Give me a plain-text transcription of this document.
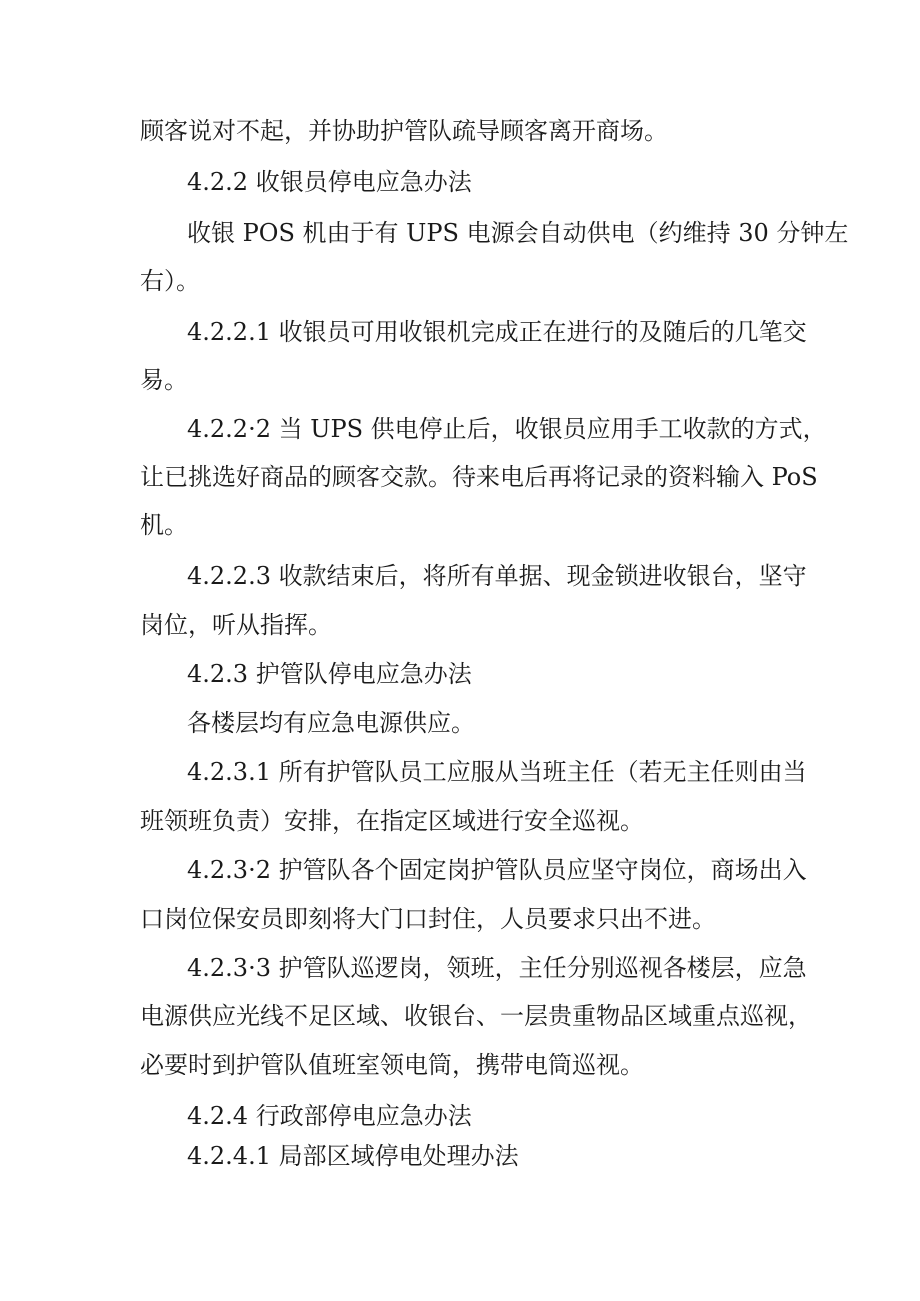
顾客说对不起，并协助护管队疏导顾客离开商场。
4.2.2 收银员停电应急办法
收银 POS 机由于有 UPS 电源会自动供电（约维持 30 分钟左
右）。
4.2.2.1 收银员可用收银机完成正在进行的及随后的几笔交
易。
4.2.2·2 当 UPS 供电停止后，收银员应用手工收款的方式，
让已挑选好商品的顾客交款。待来电后再将记录的资料输入 PoS
机。
4.2.2.3 收款结束后，将所有单据、现金锁进收银台，坚守
岗位，听从指挥。
4.2.3 护管队停电应急办法
各楼层均有应急电源供应。
4.2.3.1 所有护管队员工应服从当班主任（若无主任则由当
班领班负责）安排，在指定区域进行安全巡视。
4.2.3·2 护管队各个固定岗护管队员应坚守岗位，商场出入
口岗位保安员即刻将大门口封住，人员要求只出不进。
4.2.3·3 护管队巡逻岗，领班，主任分别巡视各楼层，应急
电源供应光线不足区域、收银台、一层贵重物品区域重点巡视，
必要时到护管队值班室领电筒，携带电筒巡视。
4.2.4 行政部停电应急办法
4.2.4.1 局部区域停电处理办法
